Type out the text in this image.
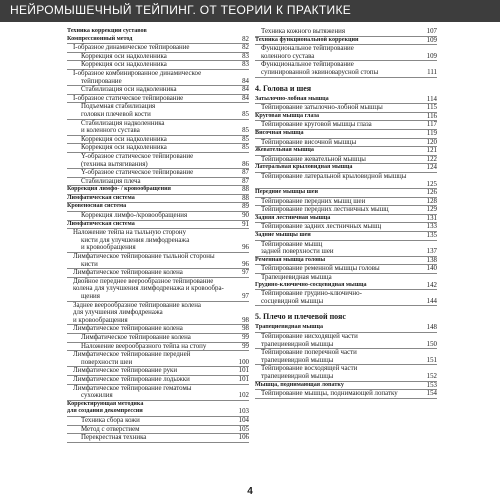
НЕЙРОМЫШЕЧНЫЙ ТЕЙПИНГ. ОТ ТЕОРИИ К ПРАКТИКЕ
Техника коррекции суставов
Компрессионный метод	82
I-образное динамическое тейпирование	82
Коррекция оси надколенника	83
Коррекция оси надколенника	83
I-образное комбинированное динамическое
тейпирование	84
Стабилизация оси надколенника	84
I-образное статическое тейпирование	84
Подъемная стабилизация
головки плечевой кости	85
Стабилизация надколенника
и коленного сустава	85
Коррекция оси надколенника	85
Коррекция оси надколенника	85
Y-образное статическое тейпирование
(техника вытягивания)	86
Y-образное статическое тейпирование	87
Стабилизация плеча	87
Коррекция лимфо- / кровообращения	88
Лимфатическая система	88
Кровеносная система	89
Коррекция лимфо-/кровообращения	90
Лимфатическая система	91
Наложение тейпа на тыльную сторону
кисти для улучшения лимфодренажа
и кровообращения	96
Лимфатическое тейпирование тыльной стороны
кисти	96
Лимфатическое тейпирование колена	97
Двойное переднее веерообразное тейпирование
колена для улучшения лимфодренажа и кровообра-
щения	97
Заднее веерообразное тейпирование колена
для улучшения лимфодренажа
и кровообращения	98
Лимфатическое тейпирование колена	98
Лимфатическое тейпирование колена	99
Наложение веерообразного тейпа на стопу	99
Лимфатическое тейпирование передней
поверхности шеи	100
Лимфатическое тейпирование руки	101
Лимфатическое тейпирование лодыжки	101
Лимфатическое тейпирование гематомы
сухожилия	102
Корректирующая методика
для создания декомпрессии	103
Техника сбора кожи	104
Метод с отверстием	105
Перекрестная техника	106
Техника кожного вытяжения	107
Техника функциональной коррекции	109
Функциональное тейпирование
коленного сустава	109
Функциональное тейпирование
супинированной эквиноварусной стопы	111
4. Голова и шея
Затылочно-лобная мышца	114
Тейпирование затылочно-лобной мышцы	115
Круговая мышца глаза	116
Тейпирование круговой мышцы глаза	117
Височная мышца	119
Тейпирование височной мышцы	120
Жевательная мышца	121
Тейпирование жевательной мышцы	122
Латеральная крыловидная мышца	124
Тейпирование латеральной крыловидной мышцы
125
Передние мышцы шеи	126
Тейпирование передних мышц шеи	128
Тейпирование передних лестничных мышц	129
Задняя лестничная мышца	131
Тейпирование задних лестничных мышц	133
Задние мышцы шеи	135
Тейпирование мышц
задней поверхности шеи	137
Ременная мышца головы	138
Тейпирование ременной мышцы головы	140
Трапециевидная мышца
Грудино-ключично-сосцевидная мышца	142
Тейпирование грудино-ключично-
сосцевидной мышцы	144
5. Плечо и плечевой пояс
Трапециевидная мышца	148
Тейпирование нисходящей части
трапециевидной мышцы	150
Тейпирование поперечной части
трапециевидной мышцы	151
Тейпирование восходящей части
трапециевидной мышцы	152
Мышца, поднимающая лопатку	153
Тейпирование мышцы, поднимающей лопатку	154
4
